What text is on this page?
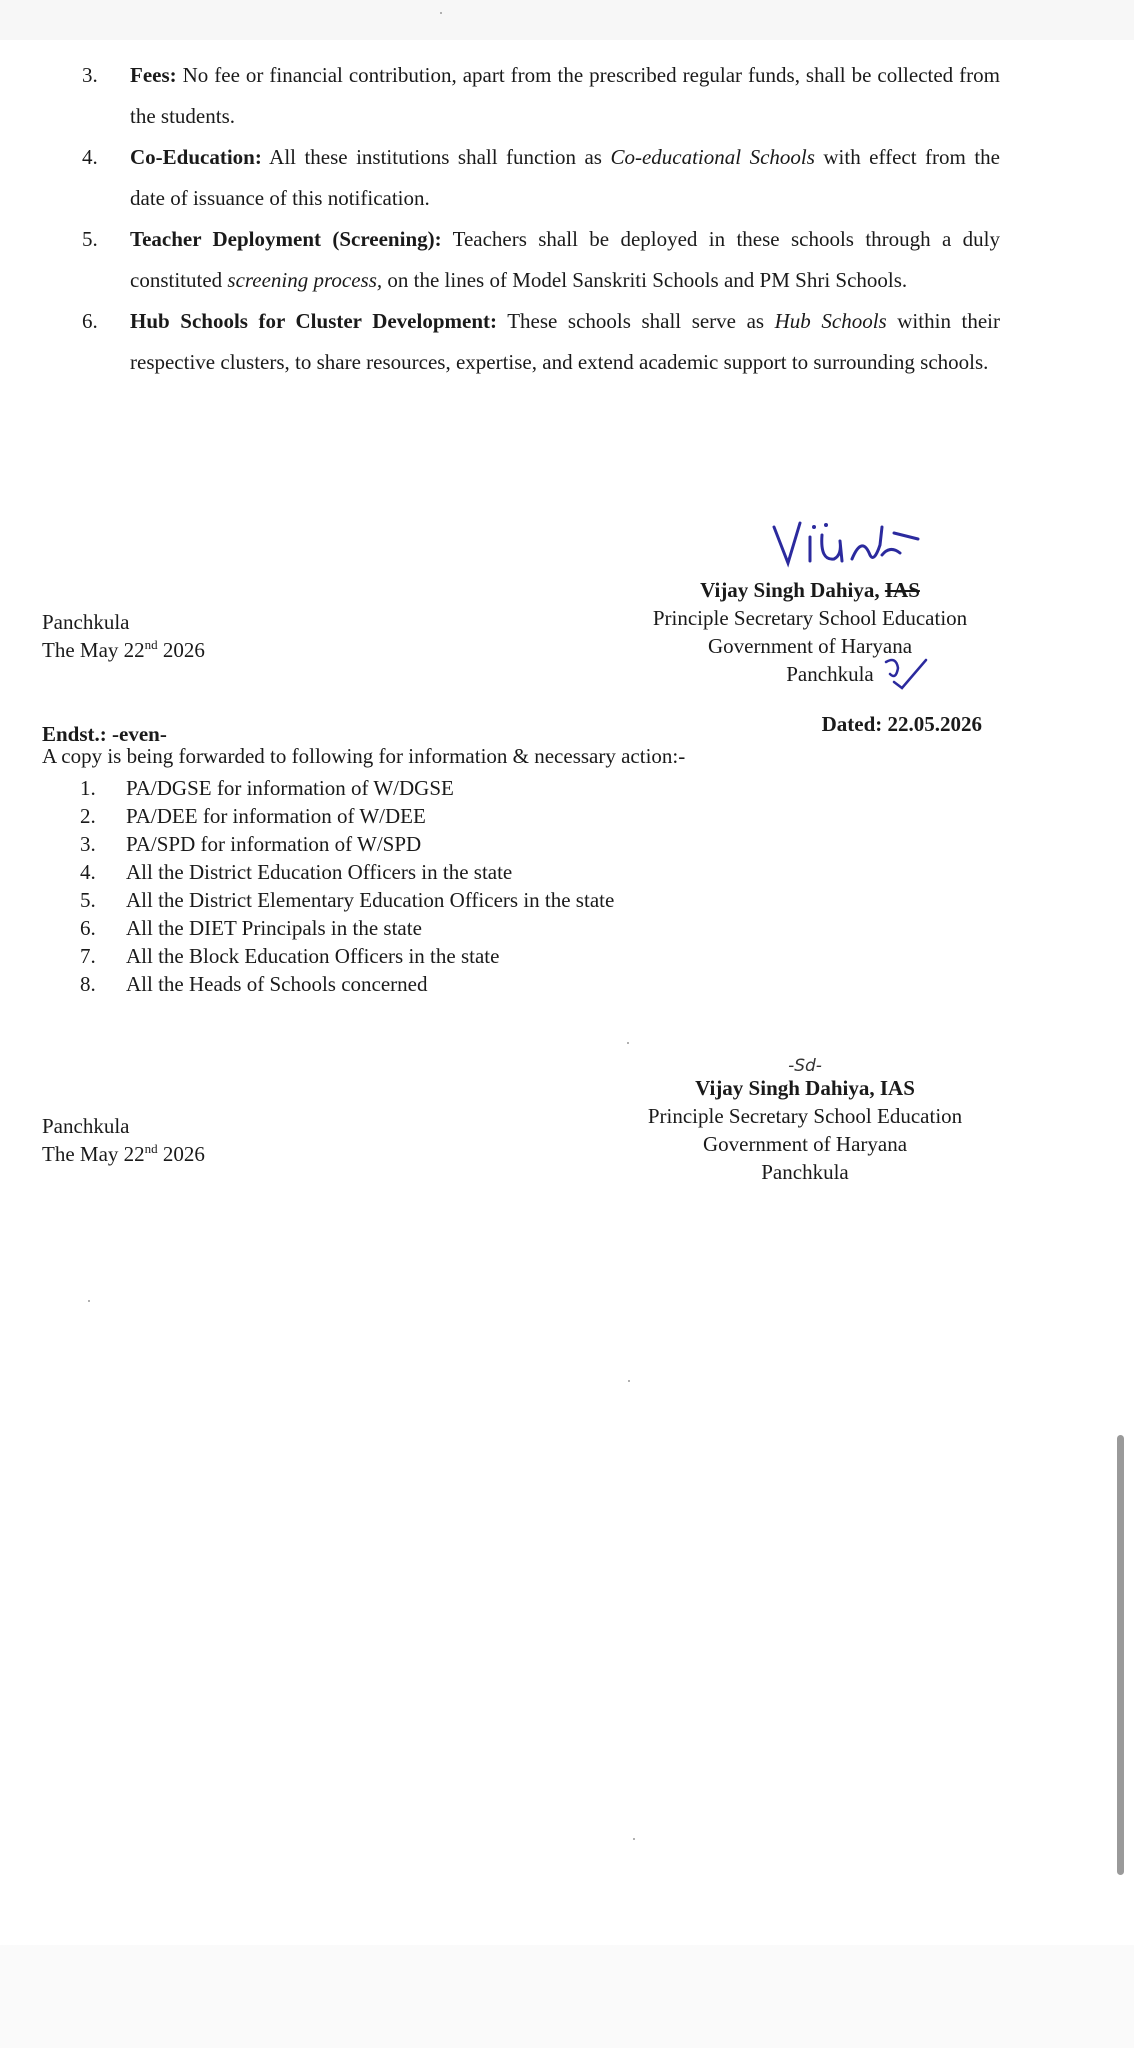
3.	Fees: No fee or financial contribution, apart from the prescribed regular funds, shall be collected from the students.
4.	Co-Education: All these institutions shall function as Co-educational Schools with effect from the date of issuance of this notification.
5.	Teacher Deployment (Screening): Teachers shall be deployed in these schools through a duly constituted screening process, on the lines of Model Sanskriti Schools and PM Shri Schools.
6.	Hub Schools for Cluster Development: These schools shall serve as Hub Schools within their respective clusters, to share resources, expertise, and extend academic support to surrounding schools.
Vijay Singh Dahiya, IAS
Principle Secretary School Education
Government of Haryana
Panchkula
Panchkula
The May 22nd 2026
Endst.: -even-	Dated: 22.05.2026
A copy is being forwarded to following for information & necessary action:-
1.	PA/DGSE for information of W/DGSE
2.	PA/DEE for information of W/DEE
3.	PA/SPD for information of W/SPD
4.	All the District Education Officers in the state
5.	All the District Elementary Education Officers in the state
6.	All the DIET Principals in the state
7.	All the Block Education Officers in the state
8.	All the Heads of Schools concerned
-Sd-
Vijay Singh Dahiya, IAS
Principle Secretary School Education
Government of Haryana
Panchkula
Panchkula
The May 22nd 2026
